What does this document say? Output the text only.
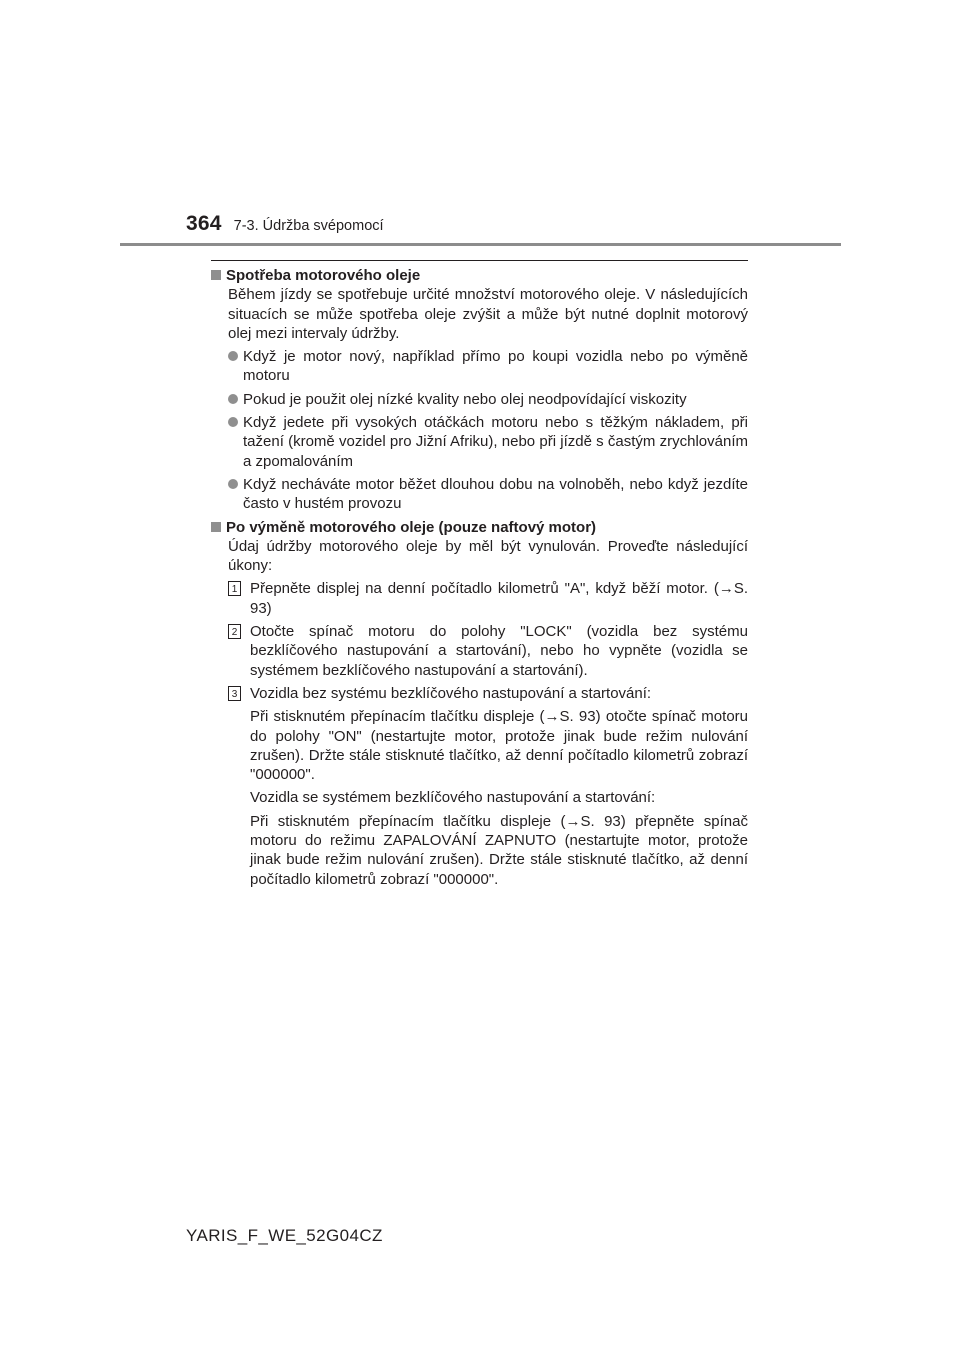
364 7-3. Údržba svépomocí
Spotřeba motorového oleje

Během jízdy se spotřebuje určité množství motorového oleje. V následujících situacích se může spotřeba oleje zvýšit a může být nutné doplnit motorový olej mezi intervaly údržby.

Když je motor nový, například přímo po koupi vozidla nebo po výměně motoru
Pokud je použit olej nízké kvality nebo olej neodpovídající viskozity
Když jedete při vysokých otáčkách motoru nebo s těžkým nákladem, při tažení (kromě vozidel pro Jižní Afriku), nebo při jízdě s častým zrychlováním a zpomalováním
Když necháváte motor běžet dlouhou dobu na volnoběh, nebo když jezdíte často v hustém provozu
Po výměně motorového oleje (pouze naftový motor)

Údaj údržby motorového oleje by měl být vynulován. Proveďte následující úkony:

1 Přepněte displej na denní počítadlo kilometrů "A", když běží motor. (→S. 93)

2 Otočte spínač motoru do polohy "LOCK" (vozidla bez systému bezklíčového nastupování a startování), nebo ho vypněte (vozidla se systémem bezklíčového nastupování a startování).

3 Vozidla bez systému bezklíčového nastupování a startování:

Při stisknutém přepínacím tlačítku displeje (→S. 93) otočte spínač motoru do polohy "ON" (nestartujte motor, protože jinak bude režim nulování zrušen). Držte stále stisknuté tlačítko, až denní počítadlo kilometrů zobrazí "000000".

Vozidla se systémem bezklíčového nastupování a startování:

Při stisknutém přepínacím tlačítku displeje (→S. 93) přepněte spínač motoru do režimu ZAPALOVÁNÍ ZAPNUTO (nestartujte motor, protože jinak bude režim nulování zrušen). Držte stále stisknuté tlačítko, až denní počítadlo kilometrů zobrazí "000000".

YARIS_F_WE_52G04CZ
